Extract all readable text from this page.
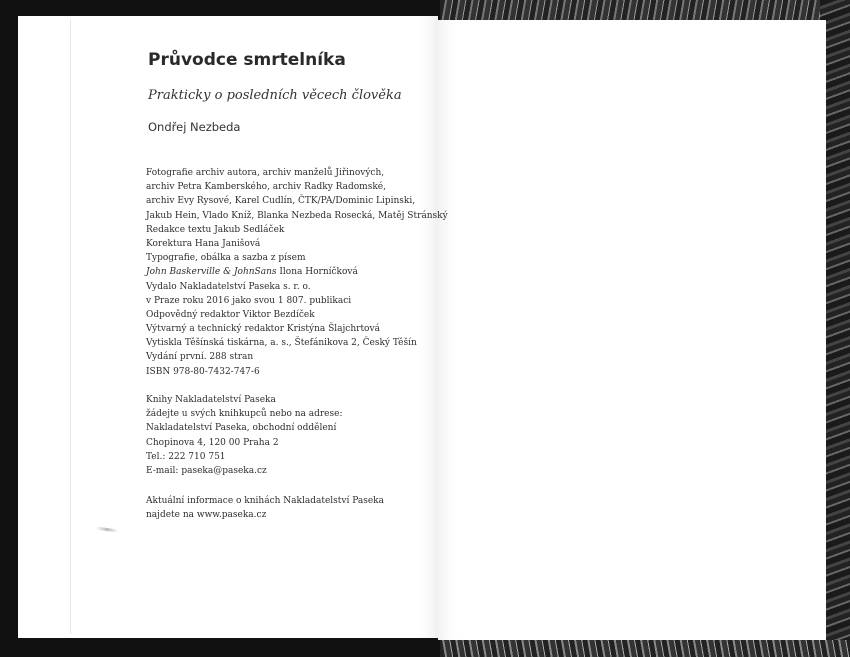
Průvodce smrtelníka

Prakticky o posledních věcech člověka

Ondřej Nezbeda

Fotografie archiv autora, archiv manželů Jiřinových,
archiv Petra Kamberského, archiv Radky Radomské,
archiv Evy Rysové, Karel Cudlín, ČTK/PA/Dominic Lipinski,
Jakub Hein, Vlado Kníž, Blanka Nezbeda Rosecká, Matěj Stránský
Redakce textu Jakub Sedláček
Korektura Hana Janišová
Typografie, obálka a sazba z písem
John Baskerville & JohnSans Ilona Horníčková
Vydalo Nakladatelství Paseka s. r. o.
v Praze roku 2016 jako svou 1 807. publikaci
Odpovědný redaktor Viktor Bezdíček
Výtvarný a technický redaktor Kristýna Šlajchrtová
Vytiskla Těšínská tiskárna, a. s., Štefánikova 2, Český Těšín
Vydání první. 288 stran
ISBN 978-80-7432-747-6
Knihy Nakladatelství Paseka
žádejte u svých knihkupců nebo na adrese:
Nakladatelství Paseka, obchodní oddělení
Chopinova 4, 120 00 Praha 2
Tel.: 222 710 751
E-mail: paseka@paseka.cz
Aktuální informace o knihách Nakladatelství Paseka
najdete na www.paseka.cz
